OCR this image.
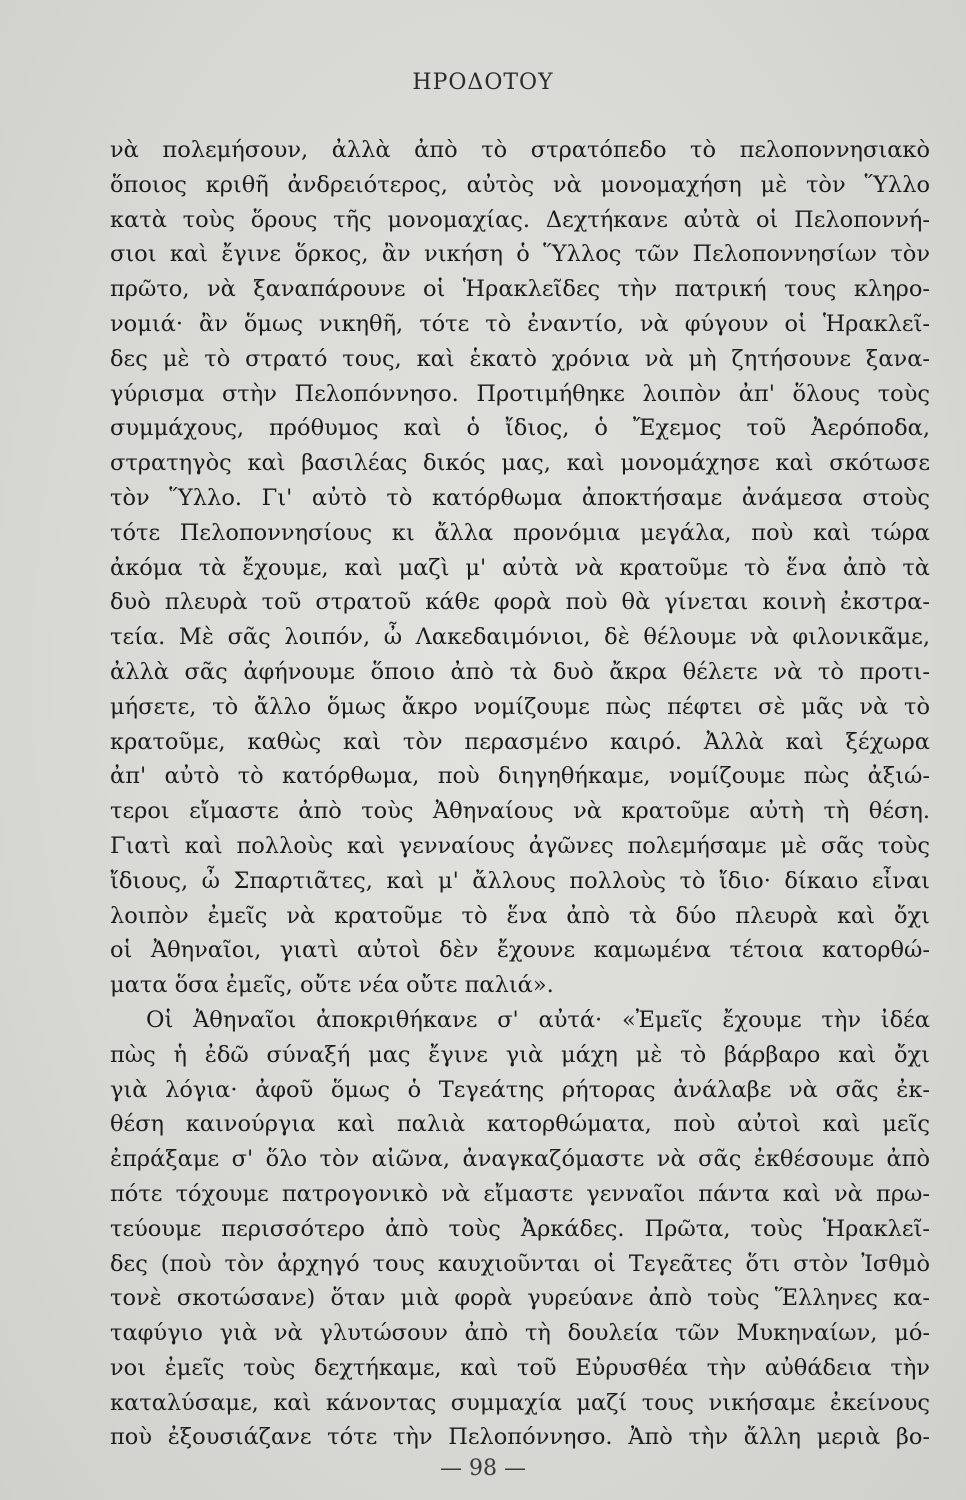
ΗΡΟΔΟΤΟΥ
νὰ πολεμήσουν, ἀλλὰ ἀπὸ τὸ στρατόπεδο τὸ πελοποννησιακὸ
ὅποιος κριθῆ ἀνδρειότερος, αὐτὸς νὰ μονομαχήση μὲ τὸν Ὕλλο
κατὰ τοὺς ὅρους τῆς μονομαχίας. Δεχτήκανε αὐτὰ οἱ Πελοποννή-
σιοι καὶ ἔγινε ὅρκος, ἂν νικήση ὁ Ὕλλος τῶν Πελοποννησίων τὸν
πρῶτο, νὰ ξαναπάρουνε οἱ Ἡρακλεῖδες τὴν πατρική τους κληρο-
νομιά· ἂν ὅμως νικηθῆ, τότε τὸ ἐναντίο, νὰ φύγουν οἱ Ἡρακλεῖ-
δες μὲ τὸ στρατό τους, καὶ ἑκατὸ χρόνια νὰ μὴ ζητήσουνε ξανα-
γύρισμα στὴν Πελοπόννησο. Προτιμήθηκε λοιπὸν ἀπ' ὅλους τοὺς
συμμάχους, πρόθυμος καὶ ὁ ἴδιος, ὁ Ἔχεμος τοῦ Ἀερόποδα,
στρατηγὸς καὶ βασιλέας δικός μας, καὶ μονομάχησε καὶ σκότωσε
τὸν Ὕλλο. Γι' αὐτὸ τὸ κατόρθωμα ἀποκτήσαμε ἀνάμεσα στοὺς
τότε Πελοποννησίους κι ἄλλα προνόμια μεγάλα, ποὺ καὶ τώρα
ἀκόμα τὰ ἔχουμε, καὶ μαζὶ μ' αὐτὰ νὰ κρατοῦμε τὸ ἕνα ἀπὸ τὰ
δυὸ πλευρὰ τοῦ στρατοῦ κάθε φορὰ ποὺ θὰ γίνεται κοινὴ ἐκστρα-
τεία. Μὲ σᾶς λοιπόν, ὦ Λακεδαιμόνιοι, δὲ θέλουμε νὰ φιλονικᾶμε,
ἀλλὰ σᾶς ἀφήνουμε ὅποιο ἀπὸ τὰ δυὸ ἄκρα θέλετε νὰ τὸ προτι-
μήσετε, τὸ ἄλλο ὅμως ἄκρο νομίζουμε πὼς πέφτει σὲ μᾶς νὰ τὸ
κρατοῦμε, καθὼς καὶ τὸν περασμένο καιρό. Ἀλλὰ καὶ ξέχωρα
ἀπ' αὐτὸ τὸ κατόρθωμα, ποὺ διηγηθήκαμε, νομίζουμε πὼς ἀξιώ-
τεροι εἴμαστε ἀπὸ τοὺς Ἀθηναίους νὰ κρατοῦμε αὐτὴ τὴ θέση.
Γιατὶ καὶ πολλοὺς καὶ γενναίους ἀγῶνες πολεμήσαμε μὲ σᾶς τοὺς
ἴδιους, ὦ Σπαρτιᾶτες, καὶ μ' ἄλλους πολλοὺς τὸ ἴδιο· δίκαιο εἶναι
λοιπὸν ἐμεῖς νὰ κρατοῦμε τὸ ἕνα ἀπὸ τὰ δύο πλευρὰ καὶ ὄχι
οἱ Ἀθηναῖοι, γιατὶ αὐτοὶ δὲν ἔχουνε καμωμένα τέτοια κατορθώ-
ματα ὅσα ἐμεῖς, οὔτε νέα οὔτε παλιά».
Οἱ Ἀθηναῖοι ἀποκριθήκανε σ' αὐτά· «Ἐμεῖς ἔχουμε τὴν ἰδέα
πὼς ἡ ἐδῶ σύναξή μας ἔγινε γιὰ μάχη μὲ τὸ βάρβαρο καὶ ὄχι
γιὰ λόγια· ἀφοῦ ὅμως ὁ Τεγεάτης ρήτορας ἀνάλαβε νὰ σᾶς ἐκ-
θέση καινούργια καὶ παλιὰ κατορθώματα, ποὺ αὐτοὶ καὶ μεῖς
ἐπράξαμε σ' ὅλο τὸν αἰῶνα, ἀναγκαζόμαστε νὰ σᾶς ἐκθέσουμε ἀπὸ
πότε τόχουμε πατρογονικὸ νὰ εἴμαστε γενναῖοι πάντα καὶ νὰ πρω-
τεύουμε περισσότερο ἀπὸ τοὺς Ἀρκάδες. Πρῶτα, τοὺς Ἡρακλεῖ-
δες (ποὺ τὸν ἀρχηγό τους καυχιοῦνται οἱ Τεγεᾶτες ὅτι στὸν Ἰσθμὸ
τονὲ σκοτώσανε) ὅταν μιὰ φορὰ γυρεύανε ἀπὸ τοὺς Ἕλληνες κα-
ταφύγιο γιὰ νὰ γλυτώσουν ἀπὸ τὴ δουλεία τῶν Μυκηναίων, μό-
νοι ἐμεῖς τοὺς δεχτήκαμε, καὶ τοῦ Εὐρυσθέα τὴν αὐθάδεια τὴν
καταλύσαμε, καὶ κάνοντας συμμαχία μαζί τους νικήσαμε ἐκείνους
ποὺ ἐξουσιάζανε τότε τὴν Πελοπόννησο. Ἀπὸ τὴν ἄλλη μεριὰ βο-
— 98 —
